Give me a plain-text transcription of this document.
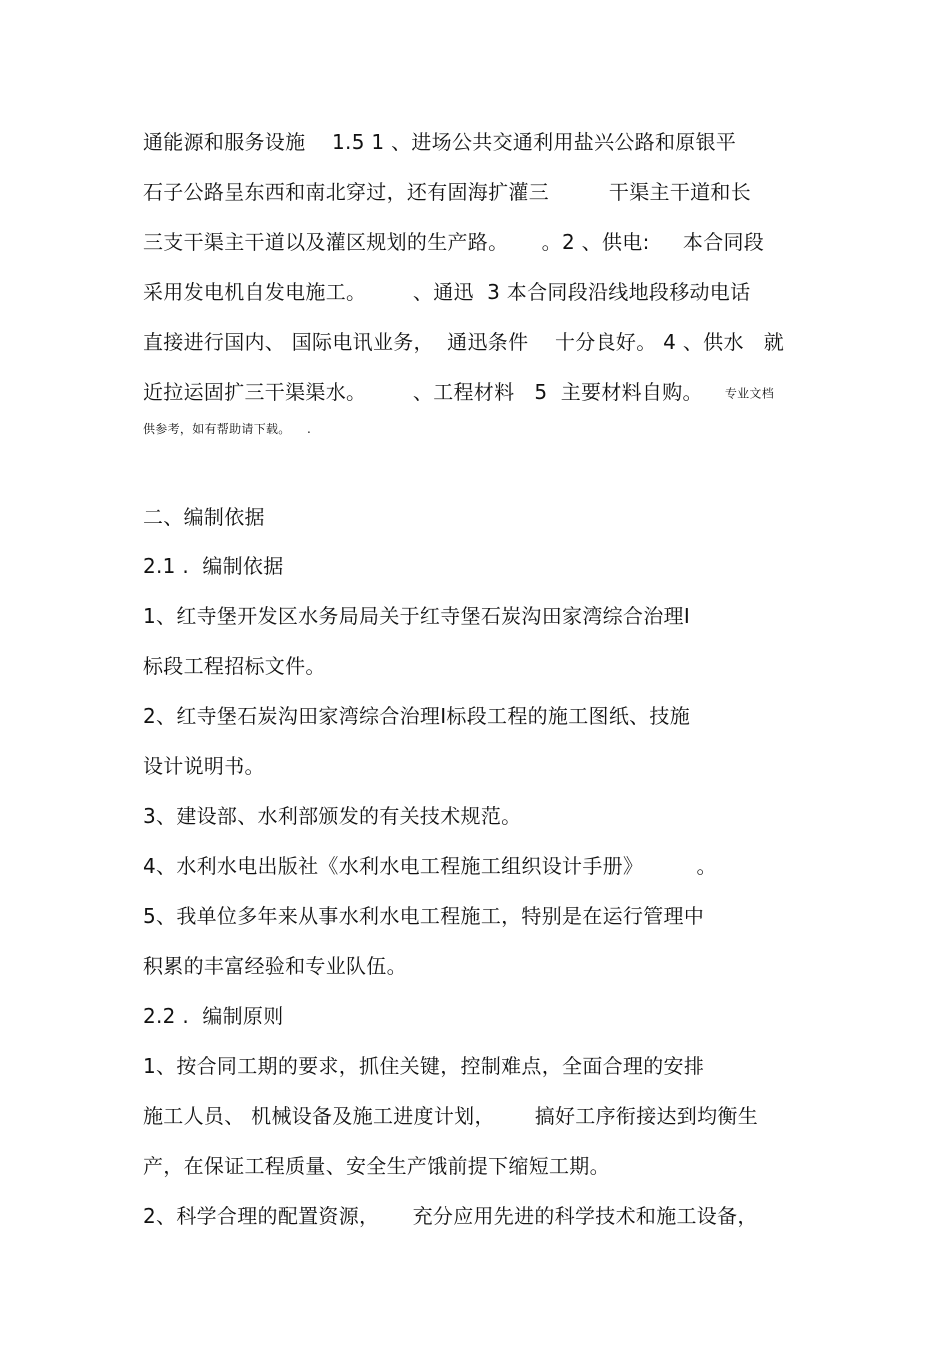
通能源和服务设施    1.5 1 、进场公共交通利用盐兴公路和原银平
石子公路呈东西和南北穿过，还有固海扩灌三         干渠主干道和长
三支干渠主干道以及灌区规划的生产路。     。2 、供电:     本合同段
采用发电机自发电施工。       、通迅  3 本合同段沿线地段移动电话
直接进行国内、 国际电讯业务，  通迅条件    十分良好。 4 、供水   就
近拉运固扩三干渠渠水。       、工程材料   5  主要材料自购。 专业文档
供参考，如有帮助请下载。    .
二、编制依据
2.1 .  编制依据
1、红寺堡开发区水务局局关于红寺堡石炭沟田家湾综合治理Ⅰ
标段工程招标文件。
2、红寺堡石炭沟田家湾综合治理Ⅰ标段工程的施工图纸、技施
设计说明书。
3、建设部、水利部颁发的有关技术规范。
4、水利水电出版社《水利水电工程施工组织设计手册》        。
5、我单位多年来从事水利水电工程施工，特别是在运行管理中
积累的丰富经验和专业队伍。
2.2 .  编制原则
1、按合同工期的要求，抓住关键，控制难点，全面合理的安排
施工人员、 机械设备及施工进度计划，      搞好工序衔接达到均衡生
产，在保证工程质量、安全生产饿前提下缩短工期。
2、科学合理的配置资源，     充分应用先进的科学技术和施工设备，
